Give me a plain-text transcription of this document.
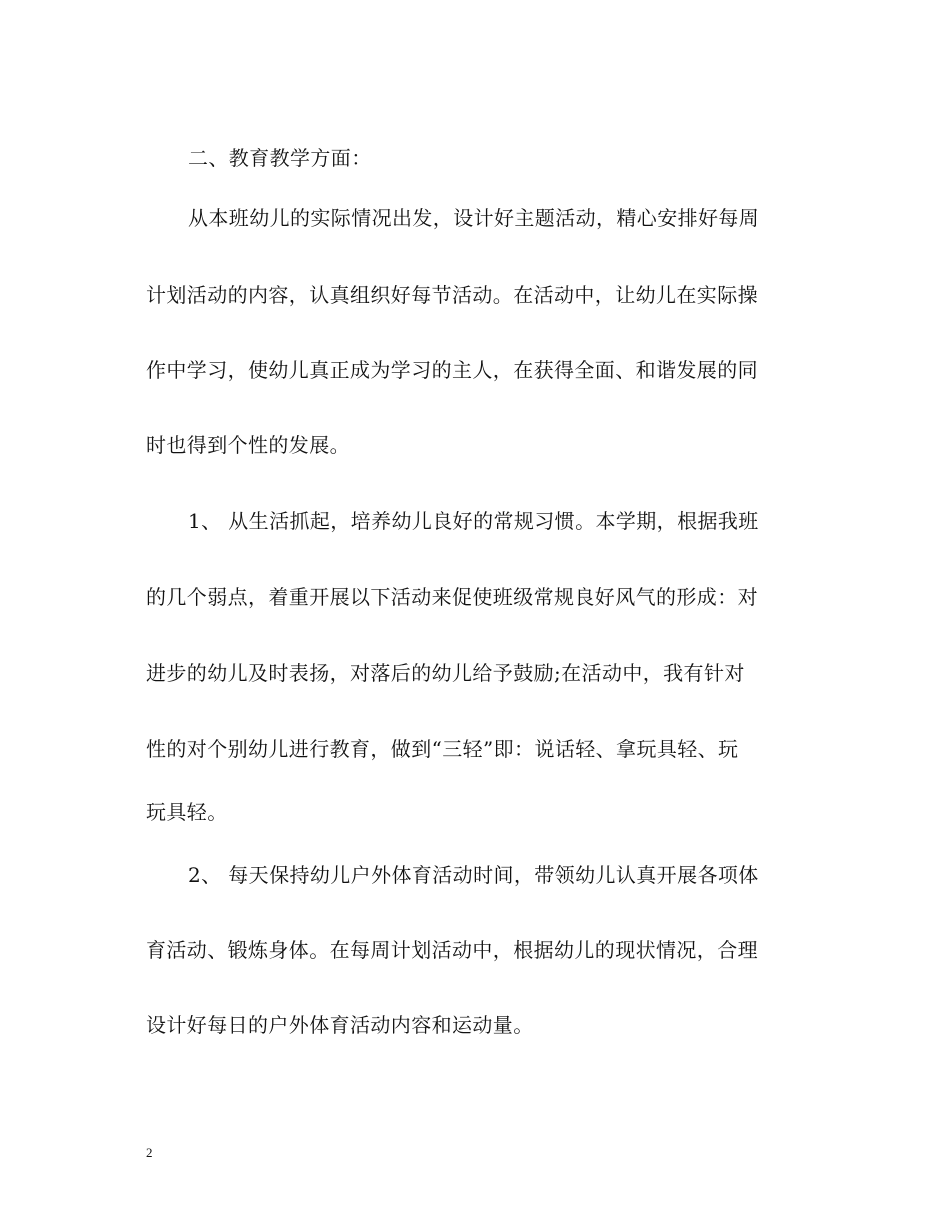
二、教育教学方面：
从本班幼儿的实际情况出发，设计好主题活动，精心安排好每周
计划活动的内容，认真组织好每节活动。在活动中，让幼儿在实际操
作中学习，使幼儿真正成为学习的主人，在获得全面、和谐发展的同
时也得到个性的发展。
1、 从生活抓起，培养幼儿良好的常规习惯。本学期，根据我班
的几个弱点，着重开展以下活动来促使班级常规良好风气的形成：对
进步的幼儿及时表扬，对落后的幼儿给予鼓励;在活动中，我有针对
性的对个别幼儿进行教育，做到“三轻”即：说话轻、拿玩具轻、玩
玩具轻。
2、 每天保持幼儿户外体育活动时间，带领幼儿认真开展各项体
育活动、锻炼身体。在每周计划活动中，根据幼儿的现状情况，合理
设计好每日的户外体育活动内容和运动量。
2
